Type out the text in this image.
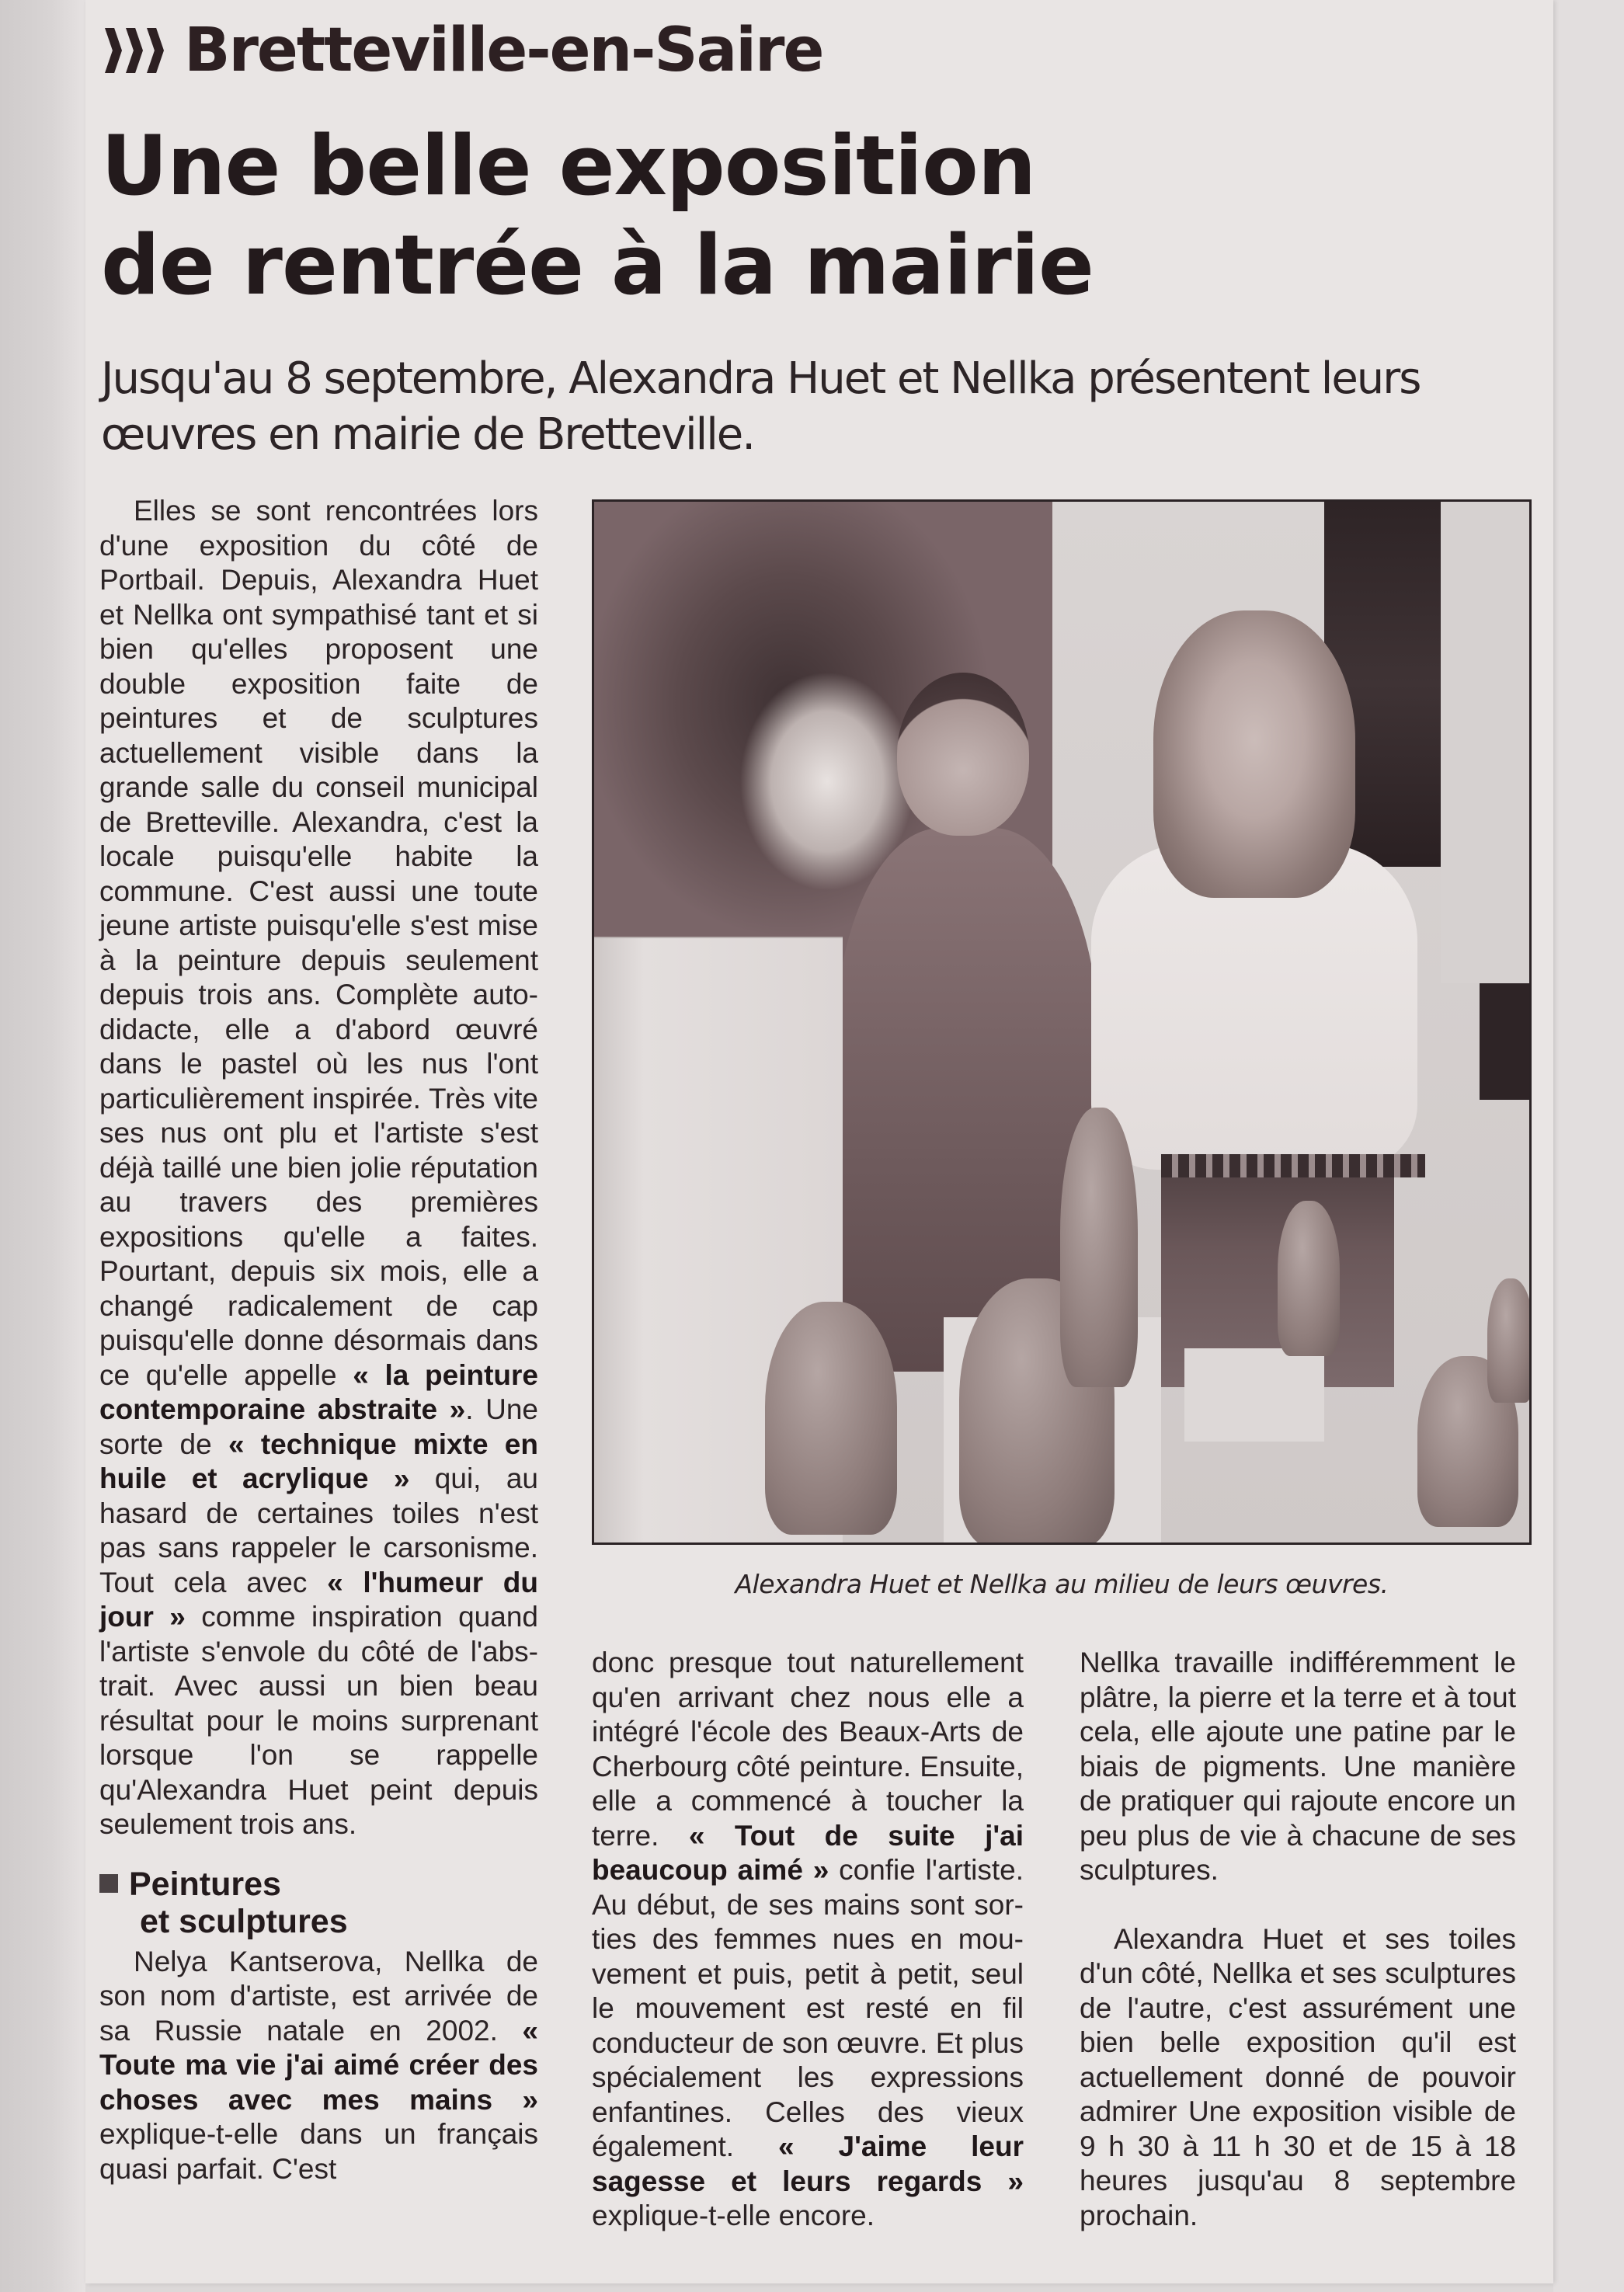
Bretteville-en-Saire
Une belle exposition
de rentrée à la mairie
Jusqu'au 8 septembre, Alexandra Huet et Nellka présentent leurs
œuvres en mairie de Bretteville.

Elles se sont rencontrées lors d'une exposition du côté de Portbail. Depuis, Alexandra Huet et Nellka ont sympathisé tant et si bien qu'elles proposent une double exposition faite de peintures et de sculptures actuellement visible dans la grande salle du conseil municipal de Bretteville. Alexandra, c'est la locale puisqu'elle habite la commune. C'est aussi une toute jeune artiste puisqu'elle s'est mise à la peinture depuis seulement depuis trois ans. Complète autodidacte, elle a d'abord œuvré dans le pastel où les nus l'ont particulièrement inspirée. Très vite ses nus ont plu et l'artiste s'est déjà taillé une bien jolie réputation au travers des premières expositions qu'elle a faites. Pourtant, depuis six mois, elle a changé radicalement de cap puisqu'elle donne désormais dans ce qu'elle appelle « la peinture contemporaine abstraite ». Une sorte de « technique mixte en huile et acrylique » qui, au hasard de certaines toiles n'est pas sans rappeler le carsonisme. Tout cela avec « l'humeur du jour » comme inspiration quand l'artiste s'envole du côté de l'abstrait. Avec aussi un bien beau résultat pour le moins surprenant lorsque l'on se rappelle qu'Alexandra Huet peint depuis seulement trois ans.

Peintures
et sculptures

Nelya Kantserova, Nellka de son nom d'artiste, est arrivée de sa Russie natale en 2002. « Toute ma vie j'ai aimé créer des choses avec mes mains » explique-t-elle dans un français quasi parfait. C'est

Alexandra Huet et Nellka au milieu de leurs œuvres.

donc presque tout naturellement qu'en arrivant chez nous elle a intégré l'école des Beaux-Arts de Cherbourg côté peinture. Ensuite, elle a commencé à toucher la terre. « Tout de suite j'ai beaucoup aimé » confie l'artiste. Au début, de ses mains sont sorties des femmes nues en mouvement et puis, petit à petit, seul le mouvement est resté en fil conducteur de son œuvre. Et plus spécialement les expressions enfantines. Celles des vieux également. « J'aime leur sagesse et leurs regards » explique-t-elle encore.

Nellka travaille indifféremment le plâtre, la pierre et la terre et à tout cela, elle ajoute une patine par le biais de pigments. Une manière de pratiquer qui rajoute encore un peu plus de vie à chacune de ses sculptures.

Alexandra Huet et ses toiles d'un côté, Nellka et ses sculptures de l'autre, c'est assurément une bien belle exposition qu'il est actuellement donné de pouvoir admirer Une exposition visible de 9 h 30 à 11 h 30 et de 15 à 18 heures jusqu'au 8 septembre prochain.
